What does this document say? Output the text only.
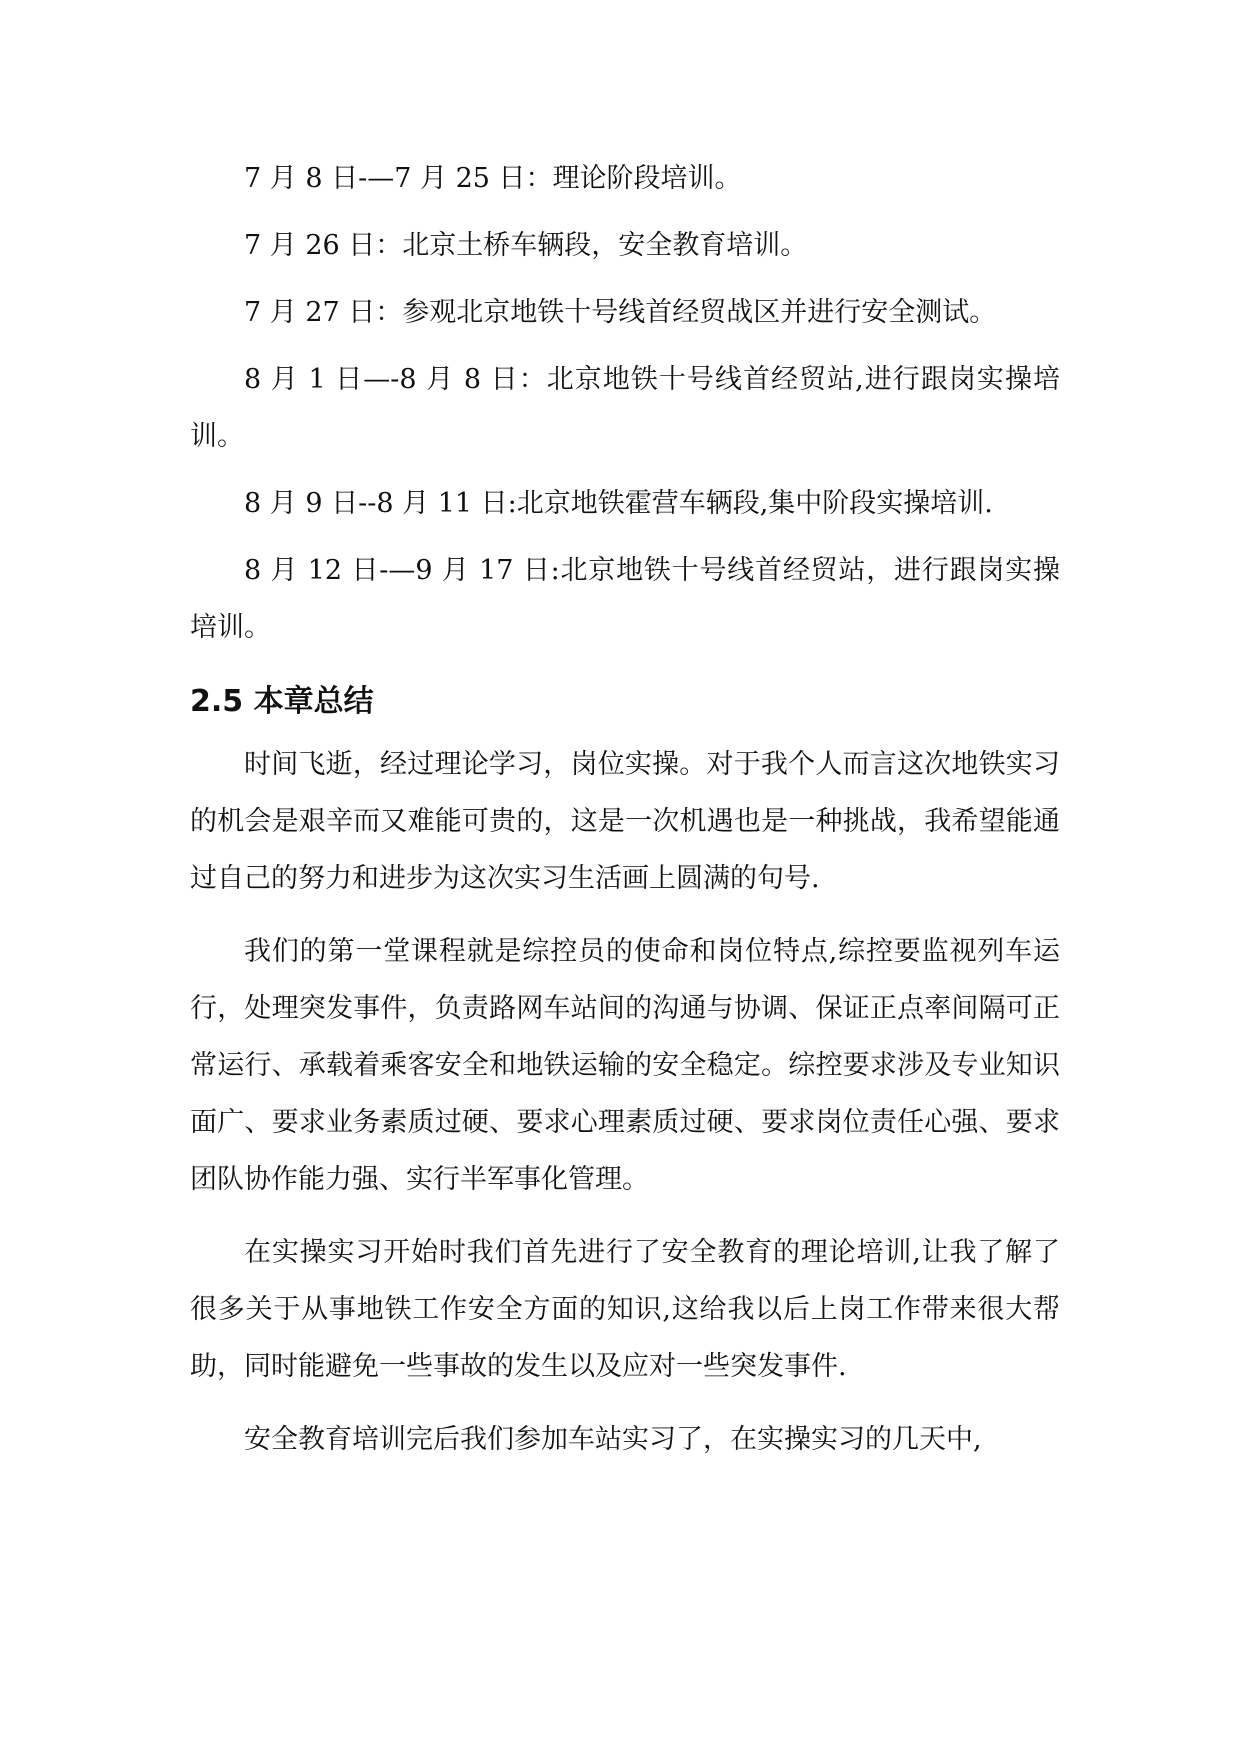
7 月 8 日-—7 月 25 日：理论阶段培训。

7 月 26 日：北京土桥车辆段，安全教育培训。

7 月 27 日：参观北京地铁十号线首经贸战区并进行安全测试。

8 月 1 日—-8 月 8 日：北京地铁十号线首经贸站,进行跟岗实操培训。

8 月 9 日--8 月 11 日:北京地铁霍营车辆段,集中阶段实操培训.

8 月 12 日-—9 月 17 日:北京地铁十号线首经贸站，进行跟岗实操培训。

2.5 本章总结

时间飞逝，经过理论学习，岗位实操。对于我个人而言这次地铁实习的机会是艰辛而又难能可贵的，这是一次机遇也是一种挑战，我希望能通过自己的努力和进步为这次实习生活画上圆满的句号.

我们的第一堂课程就是综控员的使命和岗位特点,综控要监视列车运行，处理突发事件，负责路网车站间的沟通与协调、保证正点率间隔可正常运行、承载着乘客安全和地铁运输的安全稳定。综控要求涉及专业知识面广、要求业务素质过硬、要求心理素质过硬、要求岗位责任心强、要求团队协作能力强、实行半军事化管理。

在实操实习开始时我们首先进行了安全教育的理论培训,让我了解了很多关于从事地铁工作安全方面的知识,这给我以后上岗工作带来很大帮助，同时能避免一些事故的发生以及应对一些突发事件.

安全教育培训完后我们参加车站实习了，在实操实习的几天中,
